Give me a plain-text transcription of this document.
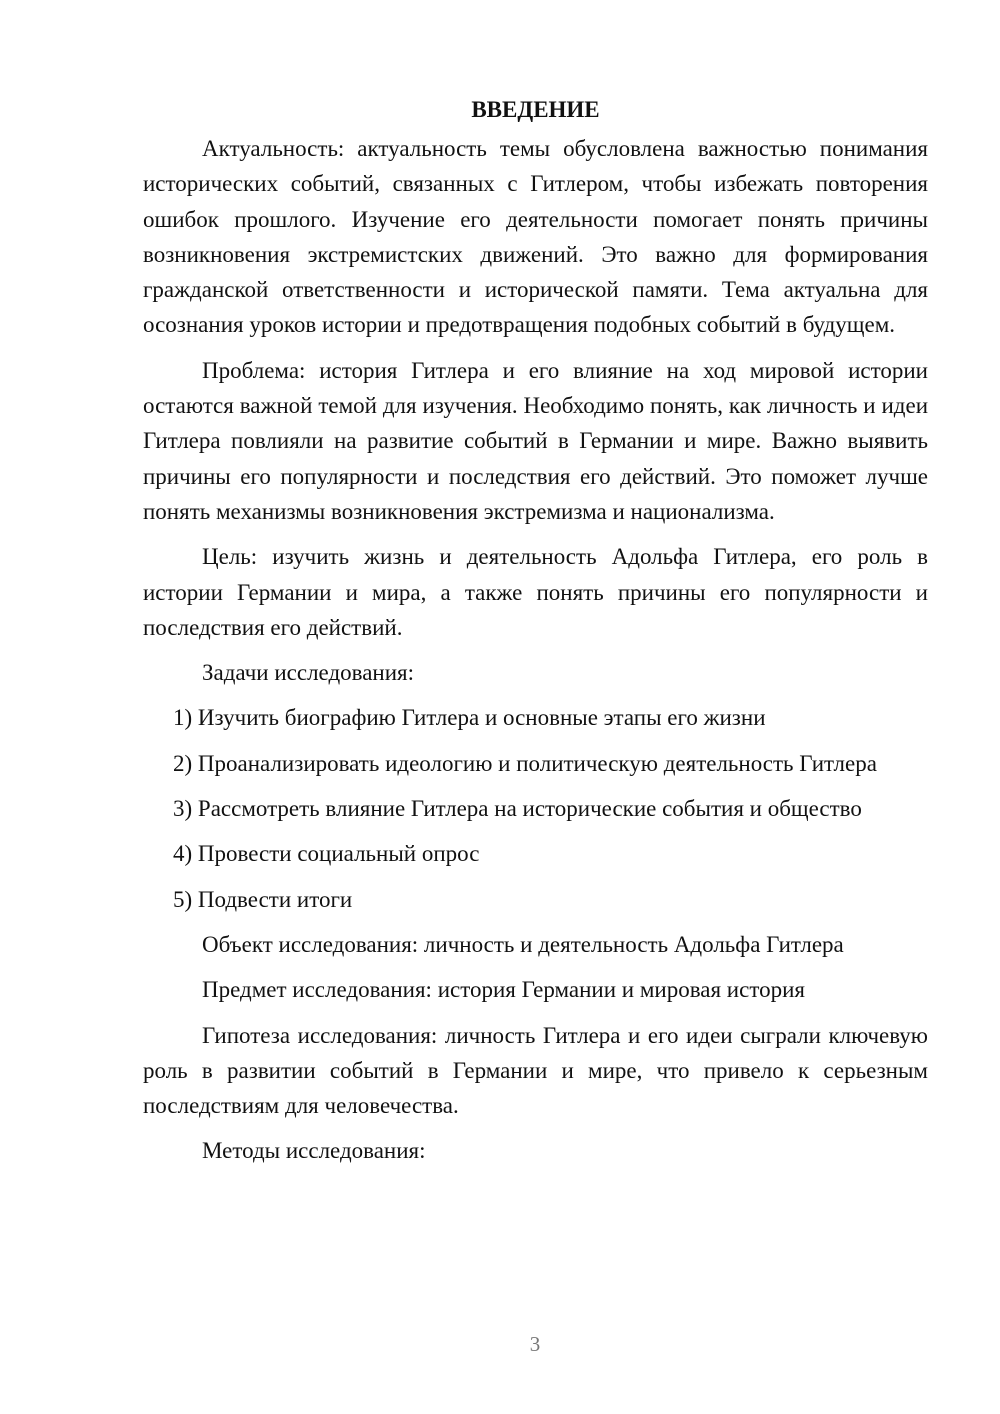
ВВЕДЕНИЕ

Актуальность: актуальность темы обусловлена важностью понимания исторических событий, связанных с Гитлером, чтобы избежать повторения ошибок прошлого. Изучение его деятельности помогает понять причины возникновения экстремистских движений. Это важно для формирования гражданской ответственности и исторической памяти. Тема актуальна для осознания уроков истории и предотвращения подобных событий в будущем.

Проблема: история Гитлера и его влияние на ход мировой истории остаются важной темой для изучения. Необходимо понять, как личность и идеи Гитлера повлияли на развитие событий в Германии и мире. Важно выявить причины его популярности и последствия его действий. Это поможет лучше понять механизмы возникновения экстремизма и национализма.

Цель: изучить жизнь и деятельность Адольфа Гитлера, его роль в истории Германии и мира, а также понять причины его популярности и последствия его действий.

Задачи исследования:

1) Изучить биографию Гитлера и основные этапы его жизни

2) Проанализировать идеологию и политическую деятельность Гитлера

3) Рассмотреть влияние Гитлера на исторические события и общество

4) Провести социальный опрос

5) Подвести итоги

Объект исследования: личность и деятельность Адольфа Гитлера

Предмет исследования: история Германии и мировая история

Гипотеза исследования: личность Гитлера и его идеи сыграли ключевую роль в развитии событий в Германии и мире, что привело к серьезным последствиям для человечества.

Методы исследования:

3
